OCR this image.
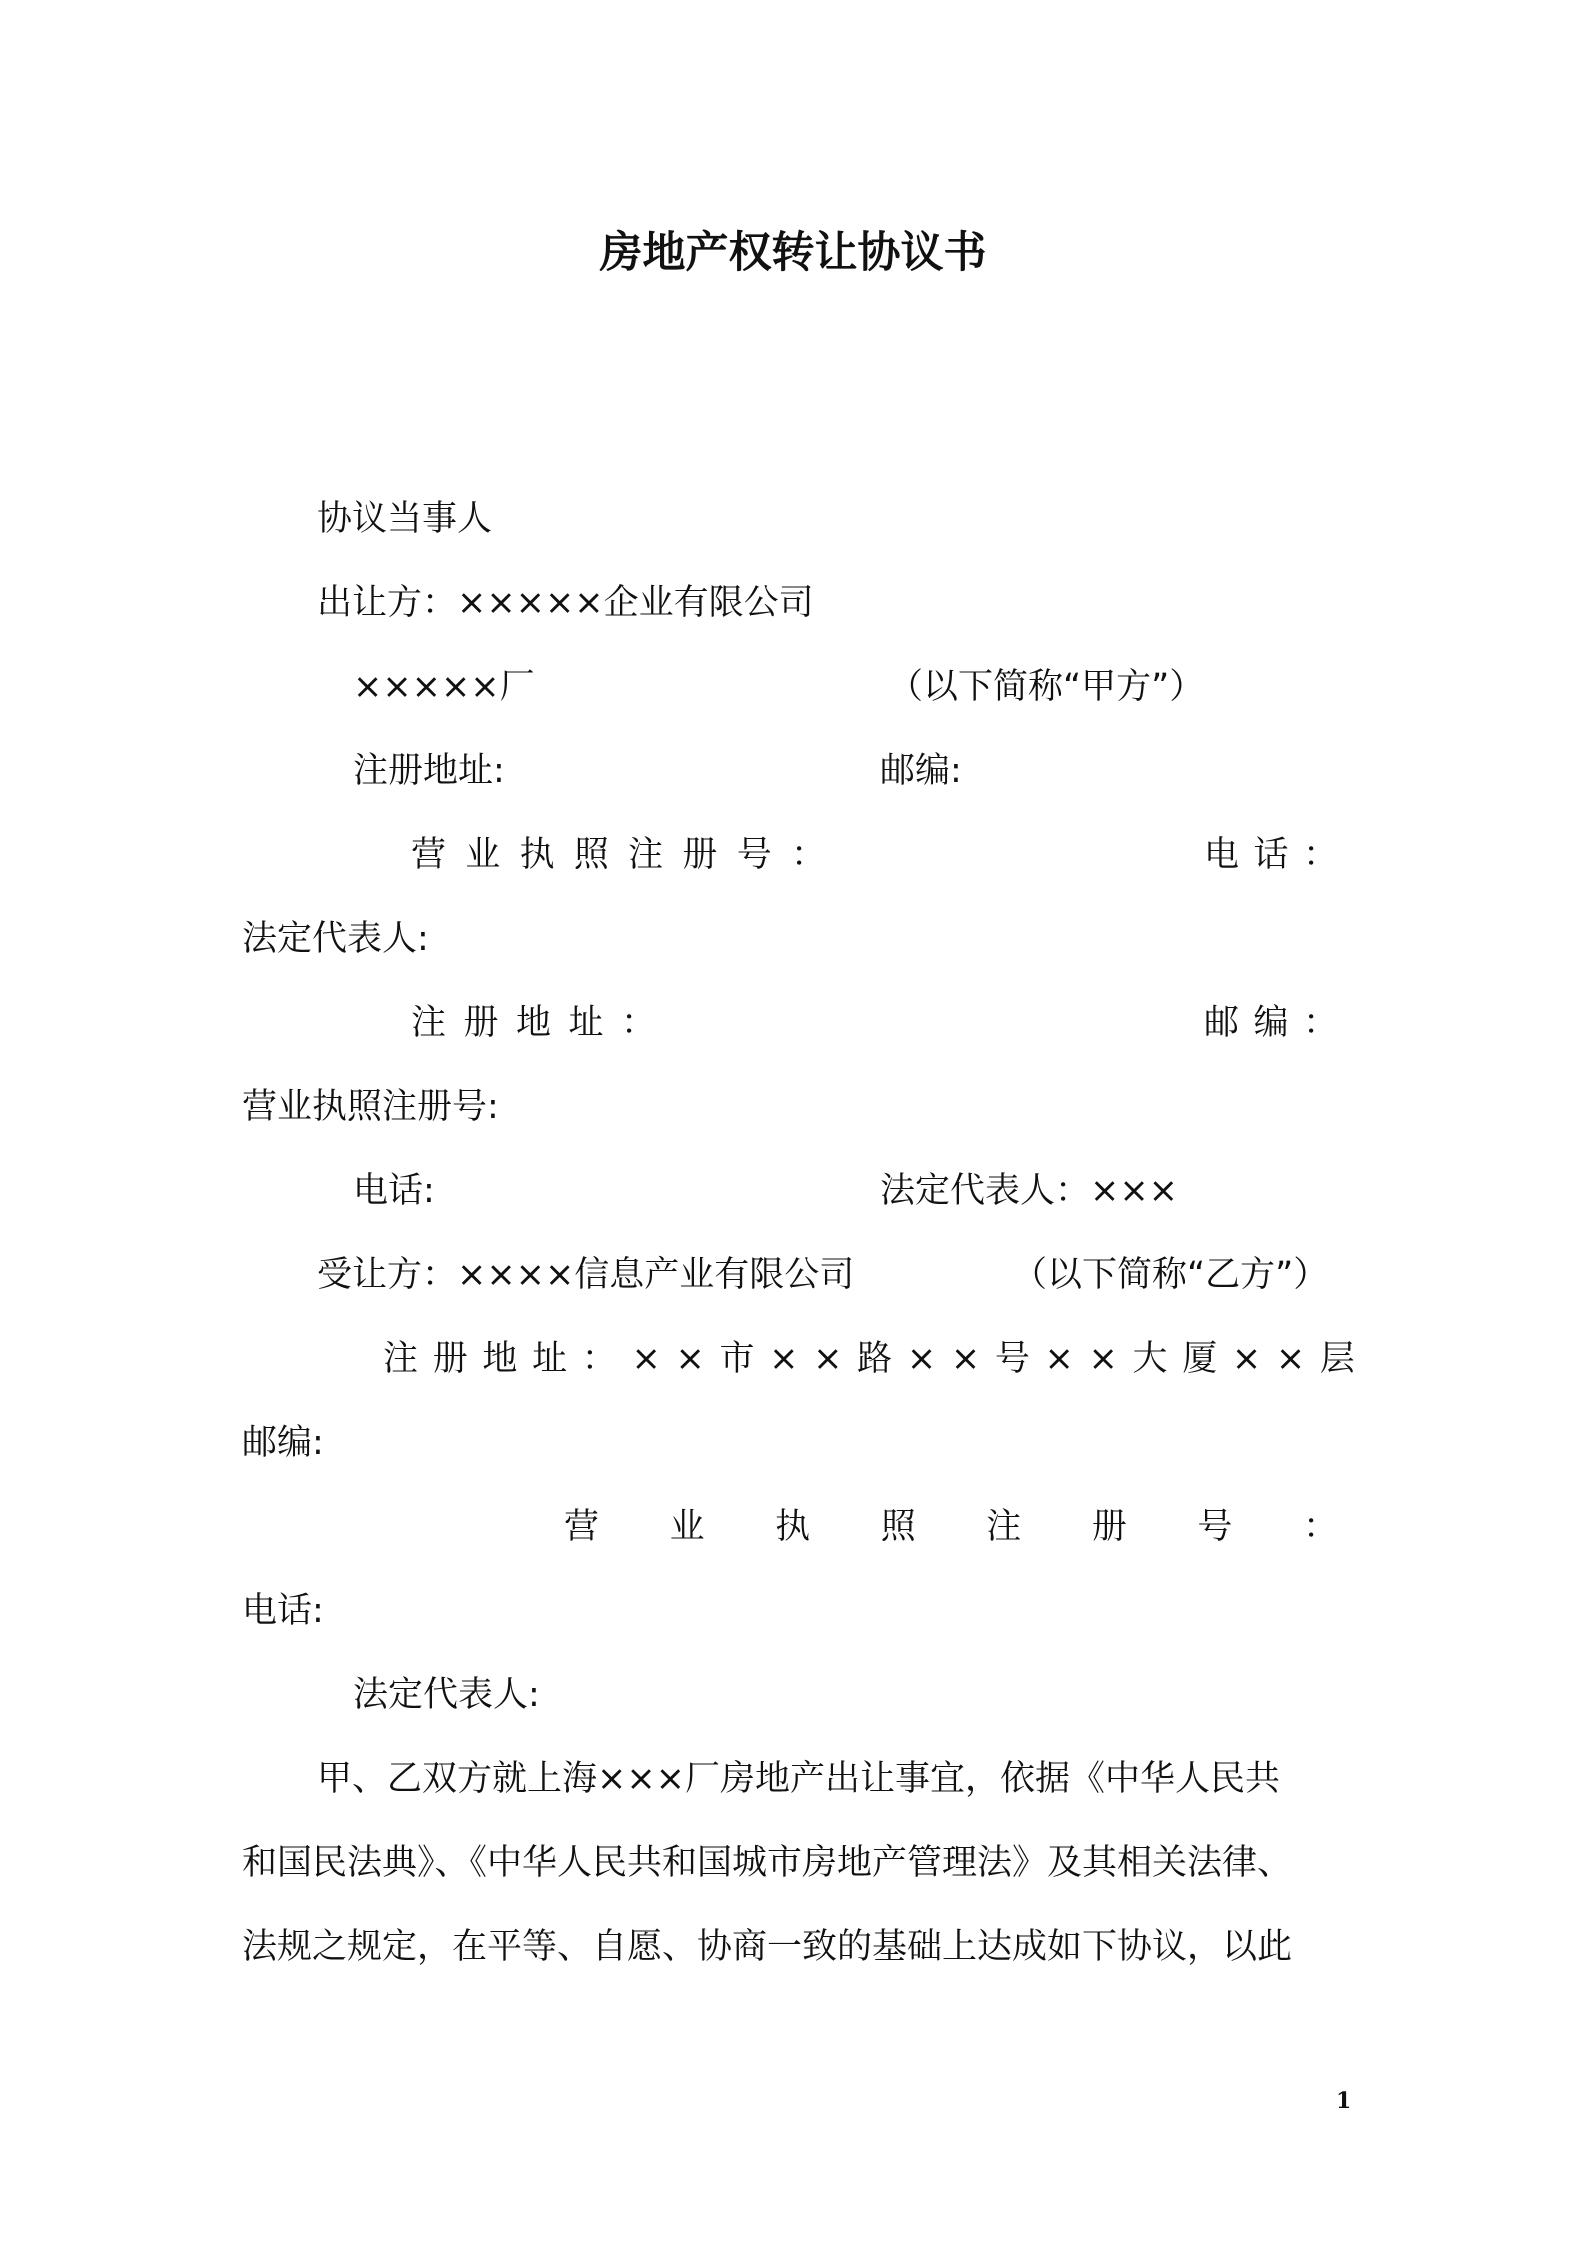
房地产权转让协议书
协议当事人
出让方：×××××企业有限公司
×××××厂	（以下简称“甲方”）
注册地址:	邮编:
营 业 执 照 注 册 号 ：	电 话 ：
法定代表人:
注 册 地 址 ：	邮 编 ：
营业执照注册号:
电话:	法定代表人：×××
受让方：××××信息产业有限公司	（以下简称“乙方”）
注 册 地 址 ： × × 市 × × 路 × × 号 × × 大 厦 × × 层
邮编:
营 业 执 照 注 册 号 ：
电话:
法定代表人:
甲、乙双方就上海×××厂房地产出让事宜，依据《中华人民共
和国民法典》、《中华人民共和国城市房地产管理法》及其相关法律、
法规之规定，在平等、自愿、协商一致的基础上达成如下协议，以此
1
